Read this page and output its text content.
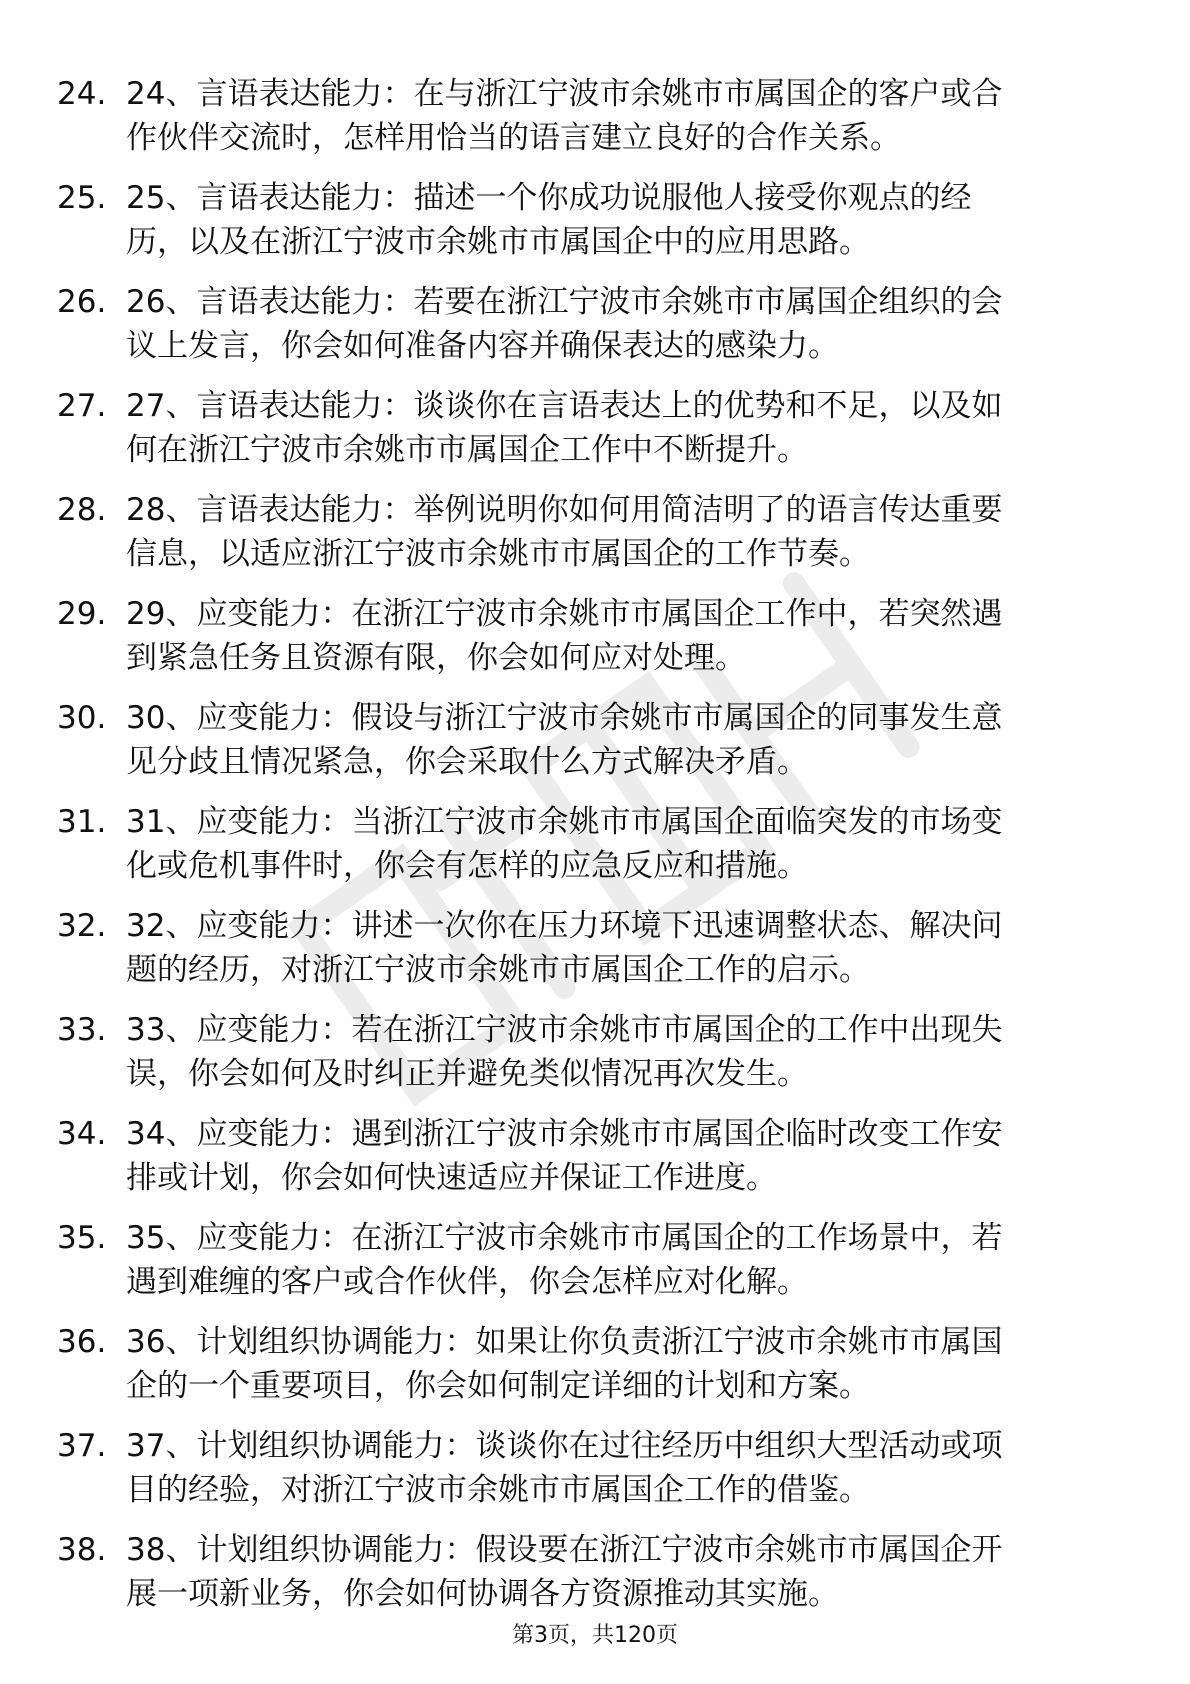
24. 24、言语表达能力：在与浙江宁波市余姚市市属国企的客户或合
作伙伴交流时，怎样用恰当的语言建立良好的合作关系。
25. 25、言语表达能力：描述一个你成功说服他人接受你观点的经
历，以及在浙江宁波市余姚市市属国企中的应用思路。
26. 26、言语表达能力：若要在浙江宁波市余姚市市属国企组织的会
议上发言，你会如何准备内容并确保表达的感染力。
27. 27、言语表达能力：谈谈你在言语表达上的优势和不足，以及如
何在浙江宁波市余姚市市属国企工作中不断提升。
28. 28、言语表达能力：举例说明你如何用简洁明了的语言传达重要
信息，以适应浙江宁波市余姚市市属国企的工作节奏。
29. 29、应变能力：在浙江宁波市余姚市市属国企工作中，若突然遇
到紧急任务且资源有限，你会如何应对处理。
30. 30、应变能力：假设与浙江宁波市余姚市市属国企的同事发生意
见分歧且情况紧急，你会采取什么方式解决矛盾。
31. 31、应变能力：当浙江宁波市余姚市市属国企面临突发的市场变
化或危机事件时，你会有怎样的应急反应和措施。
32. 32、应变能力：讲述一次你在压力环境下迅速调整状态、解决问
题的经历，对浙江宁波市余姚市市属国企工作的启示。
33. 33、应变能力：若在浙江宁波市余姚市市属国企的工作中出现失
误，你会如何及时纠正并避免类似情况再次发生。
34. 34、应变能力：遇到浙江宁波市余姚市市属国企临时改变工作安
排或计划，你会如何快速适应并保证工作进度。
35. 35、应变能力：在浙江宁波市余姚市市属国企的工作场景中，若
遇到难缠的客户或合作伙伴，你会怎样应对化解。
36. 36、计划组织协调能力：如果让你负责浙江宁波市余姚市市属国
企的一个重要项目，你会如何制定详细的计划和方案。
37. 37、计划组织协调能力：谈谈你在过往经历中组织大型活动或项
目的经验，对浙江宁波市余姚市市属国企工作的借鉴。
38. 38、计划组织协调能力：假设要在浙江宁波市余姚市市属国企开
展一项新业务，你会如何协调各方资源推动其实施。
第3页，共120页
